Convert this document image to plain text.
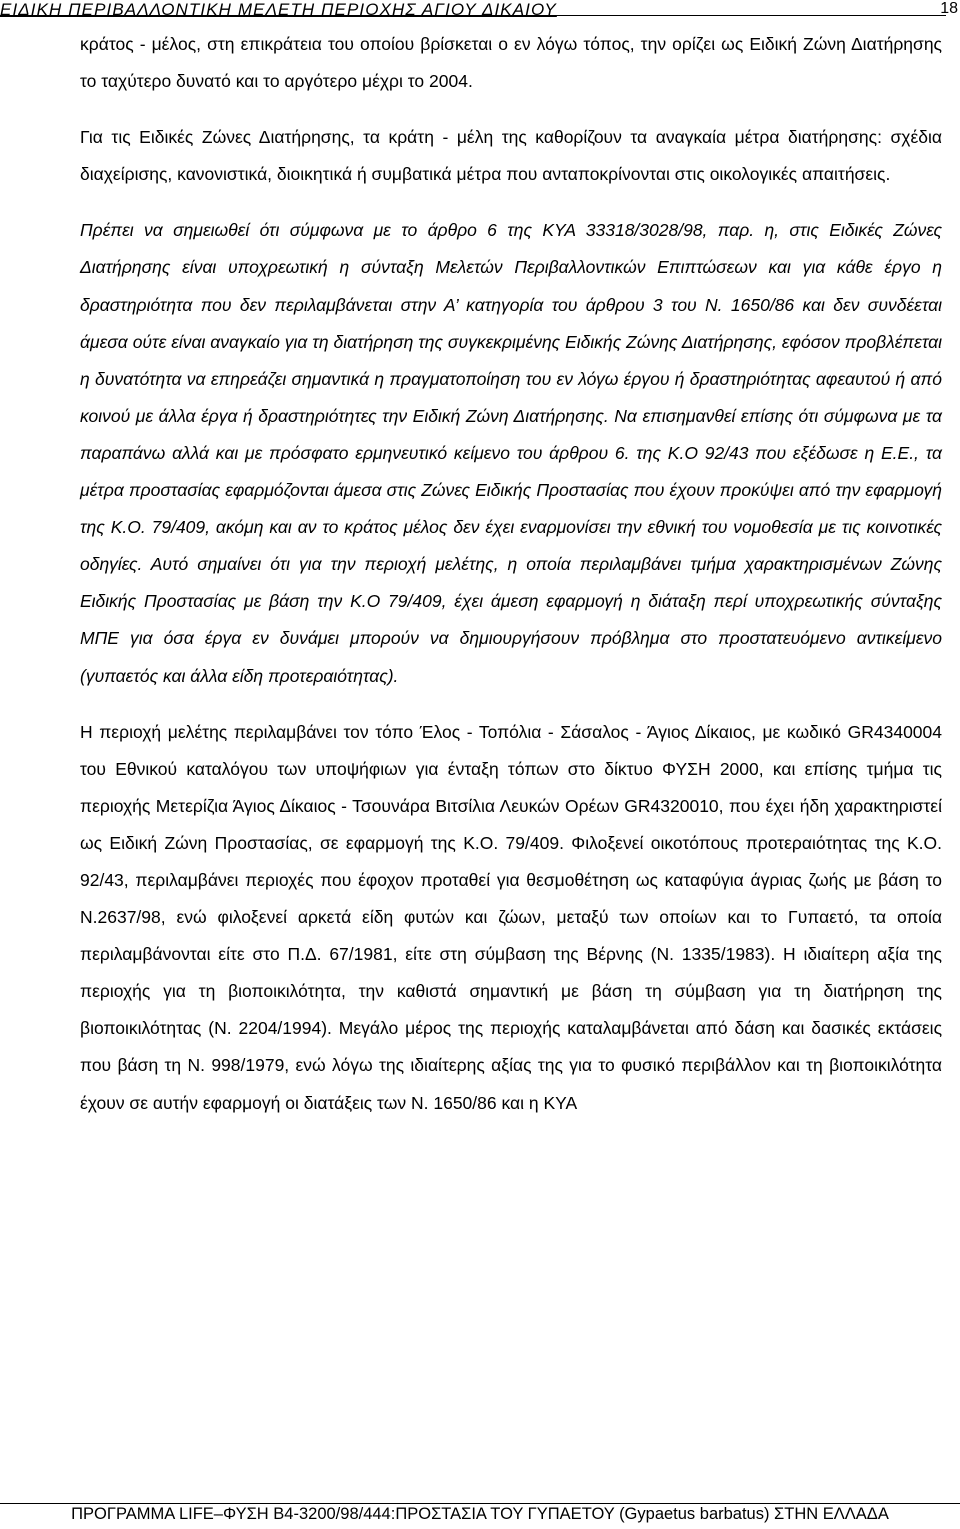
ΕΙΔΙΚΗ ΠΕΡΙΒΑΛΛΟΝΤΙΚΗ ΜΕΛΕΤΗ ΠΕΡΙΟΧΗΣ ΑΓΙΟΥ ΔΙΚΑΙΟΥ	18

κράτος - μέλος, στη επικράτεια του οποίου βρίσκεται ο εν λόγω τόπος, την ορίζει ως Ειδική Ζώνη Διατήρησης το ταχύτερο δυνατό και το αργότερο μέχρι το 2004.

Για τις Ειδικές Ζώνες Διατήρησης, τα κράτη - μέλη της καθορίζουν τα αναγκαία μέτρα διατήρησης: σχέδια διαχείρισης, κανονιστικά, διοικητικά ή συμβατικά μέτρα που ανταποκρίνονται στις οικολογικές απαιτήσεις.

Πρέπει να σημειωθεί ότι σύμφωνα με το άρθρο 6 της ΚΥΑ 33318/3028/98, παρ. η, στις Ειδικές Ζώνες Διατήρησης είναι υποχρεωτική η σύνταξη Μελετών Περιβαλλοντικών Επιπτώσεων και για κάθε έργο η δραστηριότητα που δεν περιλαμβάνεται στην Α’ κατηγορία του άρθρου 3 του Ν. 1650/86 και δεν συνδέεται άμεσα ούτε είναι αναγκαίο για τη διατήρηση της συγκεκριμένης Ειδικής Ζώνης Διατήρησης, εφόσον προβλέπεται η δυνατότητα να επηρεάζει σημαντικά η πραγματοποίηση του εν λόγω έργου ή δραστηριότητας αφεαυτού ή από κοινού με άλλα έργα ή δραστηριότητες την Ειδική Ζώνη Διατήρησης. Να επισημανθεί επίσης ότι σύμφωνα με τα παραπάνω αλλά και με πρόσφατο ερμηνευτικό κείμενο του άρθρου 6. της Κ.Ο 92/43 που εξέδωσε η Ε.Ε., τα μέτρα προστασίας εφαρμόζονται άμεσα στις Ζώνες Ειδικής Προστασίας που έχουν προκύψει από την εφαρμογή της Κ.Ο. 79/409, ακόμη και αν το κράτος μέλος δεν έχει εναρμονίσει την εθνική του νομοθεσία με τις κοινοτικές οδηγίες. Αυτό σημαίνει ότι για την περιοχή μελέτης, η οποία περιλαμβάνει τμήμα χαρακτηρισμένων Ζώνης Ειδικής Προστασίας με βάση την Κ.Ο 79/409, έχει άμεση εφαρμογή η διάταξη περί υποχρεωτικής σύνταξης ΜΠΕ για όσα έργα εν δυνάμει μπορούν να δημιουργήσουν πρόβλημα στο προστατευόμενο αντικείμενο (γυπαετός και άλλα είδη προτεραιότητας).

Η περιοχή μελέτης περιλαμβάνει τον τόπο Έλος - Τοπόλια - Σάσαλος - Άγιος Δίκαιος, με κωδικό GR4340004 του Εθνικού καταλόγου των υποψήφιων για ένταξη τόπων στο δίκτυο ΦΥΣΗ 2000, και επίσης τμήμα τις περιοχής Μετερίζια Άγιος Δίκαιος - Τσουνάρα Βιτσίλια Λευκών Ορέων GR4320010, που έχει ήδη χαρακτηριστεί ως Ειδική Ζώνη Προστασίας, σε εφαρμογή της Κ.Ο. 79/409. Φιλοξενεί οικοτόπους προτεραιότητας της Κ.Ο. 92/43, περιλαμβάνει περιοχές που έφοχον προταθεί για θεσμοθέτηση ως καταφύγια άγριας ζωής με βάση το Ν.2637/98, ενώ φιλοξενεί αρκετά είδη φυτών και ζώων, μεταξύ των οποίων και το Γυπαετό, τα οποία περιλαμβάνονται είτε στο Π.Δ. 67/1981, είτε στη σύμβαση της Βέρνης (Ν. 1335/1983). Η ιδιαίτερη αξία της περιοχής για τη βιοποικιλότητα, την καθιστά σημαντική με βάση τη σύμβαση για τη διατήρηση της βιοποικιλότητας (Ν. 2204/1994). Μεγάλο μέρος της περιοχής καταλαμβάνεται από δάση και δασικές εκτάσεις που βάση τη Ν. 998/1979, ενώ λόγω της ιδιαίτερης αξίας της για το φυσικό περιβάλλον και τη βιοποικιλότητα έχουν σε αυτήν εφαρμογή οι διατάξεις των Ν. 1650/86 και η ΚΥΑ

ΠΡΟΓΡΑΜΜΑ LIFE–ΦΥΣΗ B4-3200/98/444:ΠΡΟΣΤΑΣΙΑ ΤΟΥ ΓΥΠΑΕΤΟΥ (Gypaetus barbatus) ΣΤΗΝ ΕΛΛΑΔΑ
